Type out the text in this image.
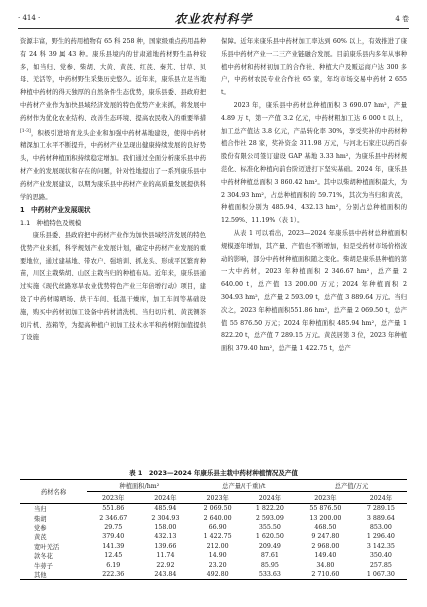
· 414 ·	农业农村科学	4 卷

资源丰富，野生的药用植物有 65 科 258 种，国家级重点药用品种有 24 科 39 属 43 种。康乐县境内的甘肃道地药材野生品种较多，如当归、党参、柴胡、大黄、黄芪、红芪、秦艽、甘草、贝母、羌活等，中药材野生采集历史悠久。近年来，康乐县立足当地种植中药材的得天独厚的自然条件生态优势，康乐县委、县政府把中药材产业作为加快县域经济发展的特色优势产业来抓，将发展中药材作为优化农业结构、改善生态环境、提高农民收入的重要举措[1-3]，积极引进培育龙头企业和加强中药材基地建设，使得中药材精深加工水平不断提升，中药材产业呈现出健康持续发展的良好势头，中药材种植面积持续稳定增加。我们通过全面分析康乐县中药材产业的发展现状和存在的问题，针对性地提出了一系列康乐县中药材产业发展建议，以期为康乐县中药材产业的高质量发展提供科学的思路。

1　中药材产业发展现状

1.1　种植特色及规模

康乐县委、县政府把中药材产业作为加快县域经济发展的特色优势产业来抓，科学规划产业发展计划，确定中药材产业发展的重要地位，通过建基地、带农户、强培训、抓龙头、形成平区繁育种苗，川区主栽柴胡、山区主栽当归的种植布局。近年来，康乐县通过实施《现代丝路寒旱农业优势特色产业三年倍增行动》项目，建设了中药材晾晒场、烘干车间、低温干燥库，加工车间等基础设施，购买中药材初加工设备中药材清洗机、当归切片机、黄芪铡茶切片机、蒸箱等，为提高种植户初加工技术水平和药材附加值提供了设施

保障。近年来康乐县中药材加工率达到 60% 以上，有效推进了康乐县中药材产业一二三产业链融合发展。目前康乐县内多年从事种植中药材和药材初加工的合作社、种植大户及贩运商户达 300 多户，中药材农民专业合作社 65 家，年均市场交易中药材 2 655 t。

2023 年，康乐县中药材总种植面积 3 690.07 hm²，产量 4.89 万 t，第一产值 3.2 亿元，中药材粗加工达 6 000 t 以上，加工总产值达 3.8 亿元，产品转化率 30%，享受奖补的中药材种植合作社 28 家，奖补资金 311.98 万元，与河北石家庄以药百泰股份有限公司签订建设 GAP 基地 3.33 hm²，为康乐县中药材规范化、标准化种植向前台阶迈进打下坚实基础。2024 年，康乐县中药材种植总面积 3 860.42 hm²。其中以柴胡种植面积最大，为 2 304.93 hm²，占总种植面积的 59.71%，其次为当归和黄芪，种植面积分别为 485.94、432.13 hm²，分别占总种植面积的 12.59%、11.19%（表 1）。

从表 1 可以看出，2023—2024 年康乐县中药材总种植面积规模逐年增加，其产量、产值也不断增加，但是受药材市场价格波动的影响，部分中药材种植面积随之变化。柴胡是康乐县种植的第一大中药材，2023 年种植面积 2 346.67 hm²，总产量 2 640.00 t，总产值 13 200.00 万元；2024 年种植面积 2 304.93 hm²，总产量 2 593.09 t，总产值 3 889.64 万元。当归次之，2023 年种植面积551.86 hm²，总产量 2 069.50 t，总产值 55 876.50 万元；2024 年种植面积 485.94 hm²，总产量 1 822.20 t，总产值 7 289.15 万元。黄芪居第 3 位，2023 年种植面积 379.40 hm²，总产量 1 422.75 t，总产

表 1　2023—2024 年康乐县主栽中药材种植情况及产值
药材名称	种植面积/hm²		总产量/(千重)/t		总产值/万元	
	2023年	2024年	2023年	2024年	2023年	2024年
当归	551.86	485.94	2 069.50	1 822.20	55 876.50	7 289.15
柴胡	2 346.67	2 304.93	2 640.00	2 593.09	13 200.00	3 889.64
党参	29.75	158.00	66.90	355.50	468.50	853.00
黄芪	379.40	432.13	1 422.75	1 620.50	9 247.80	1 296.40
宽叶羌活	141.39	139.66	212.00	209.49	2 968.00	3 142.35
款冬花	12.45	11.74	14.90	87.61	149.40	350.40
牛蒡子	6.19	22.92	23.20	85.95	34.80	257.85
其他	222.36	243.84	492.80	533.63	2 710.60	1 067.30
